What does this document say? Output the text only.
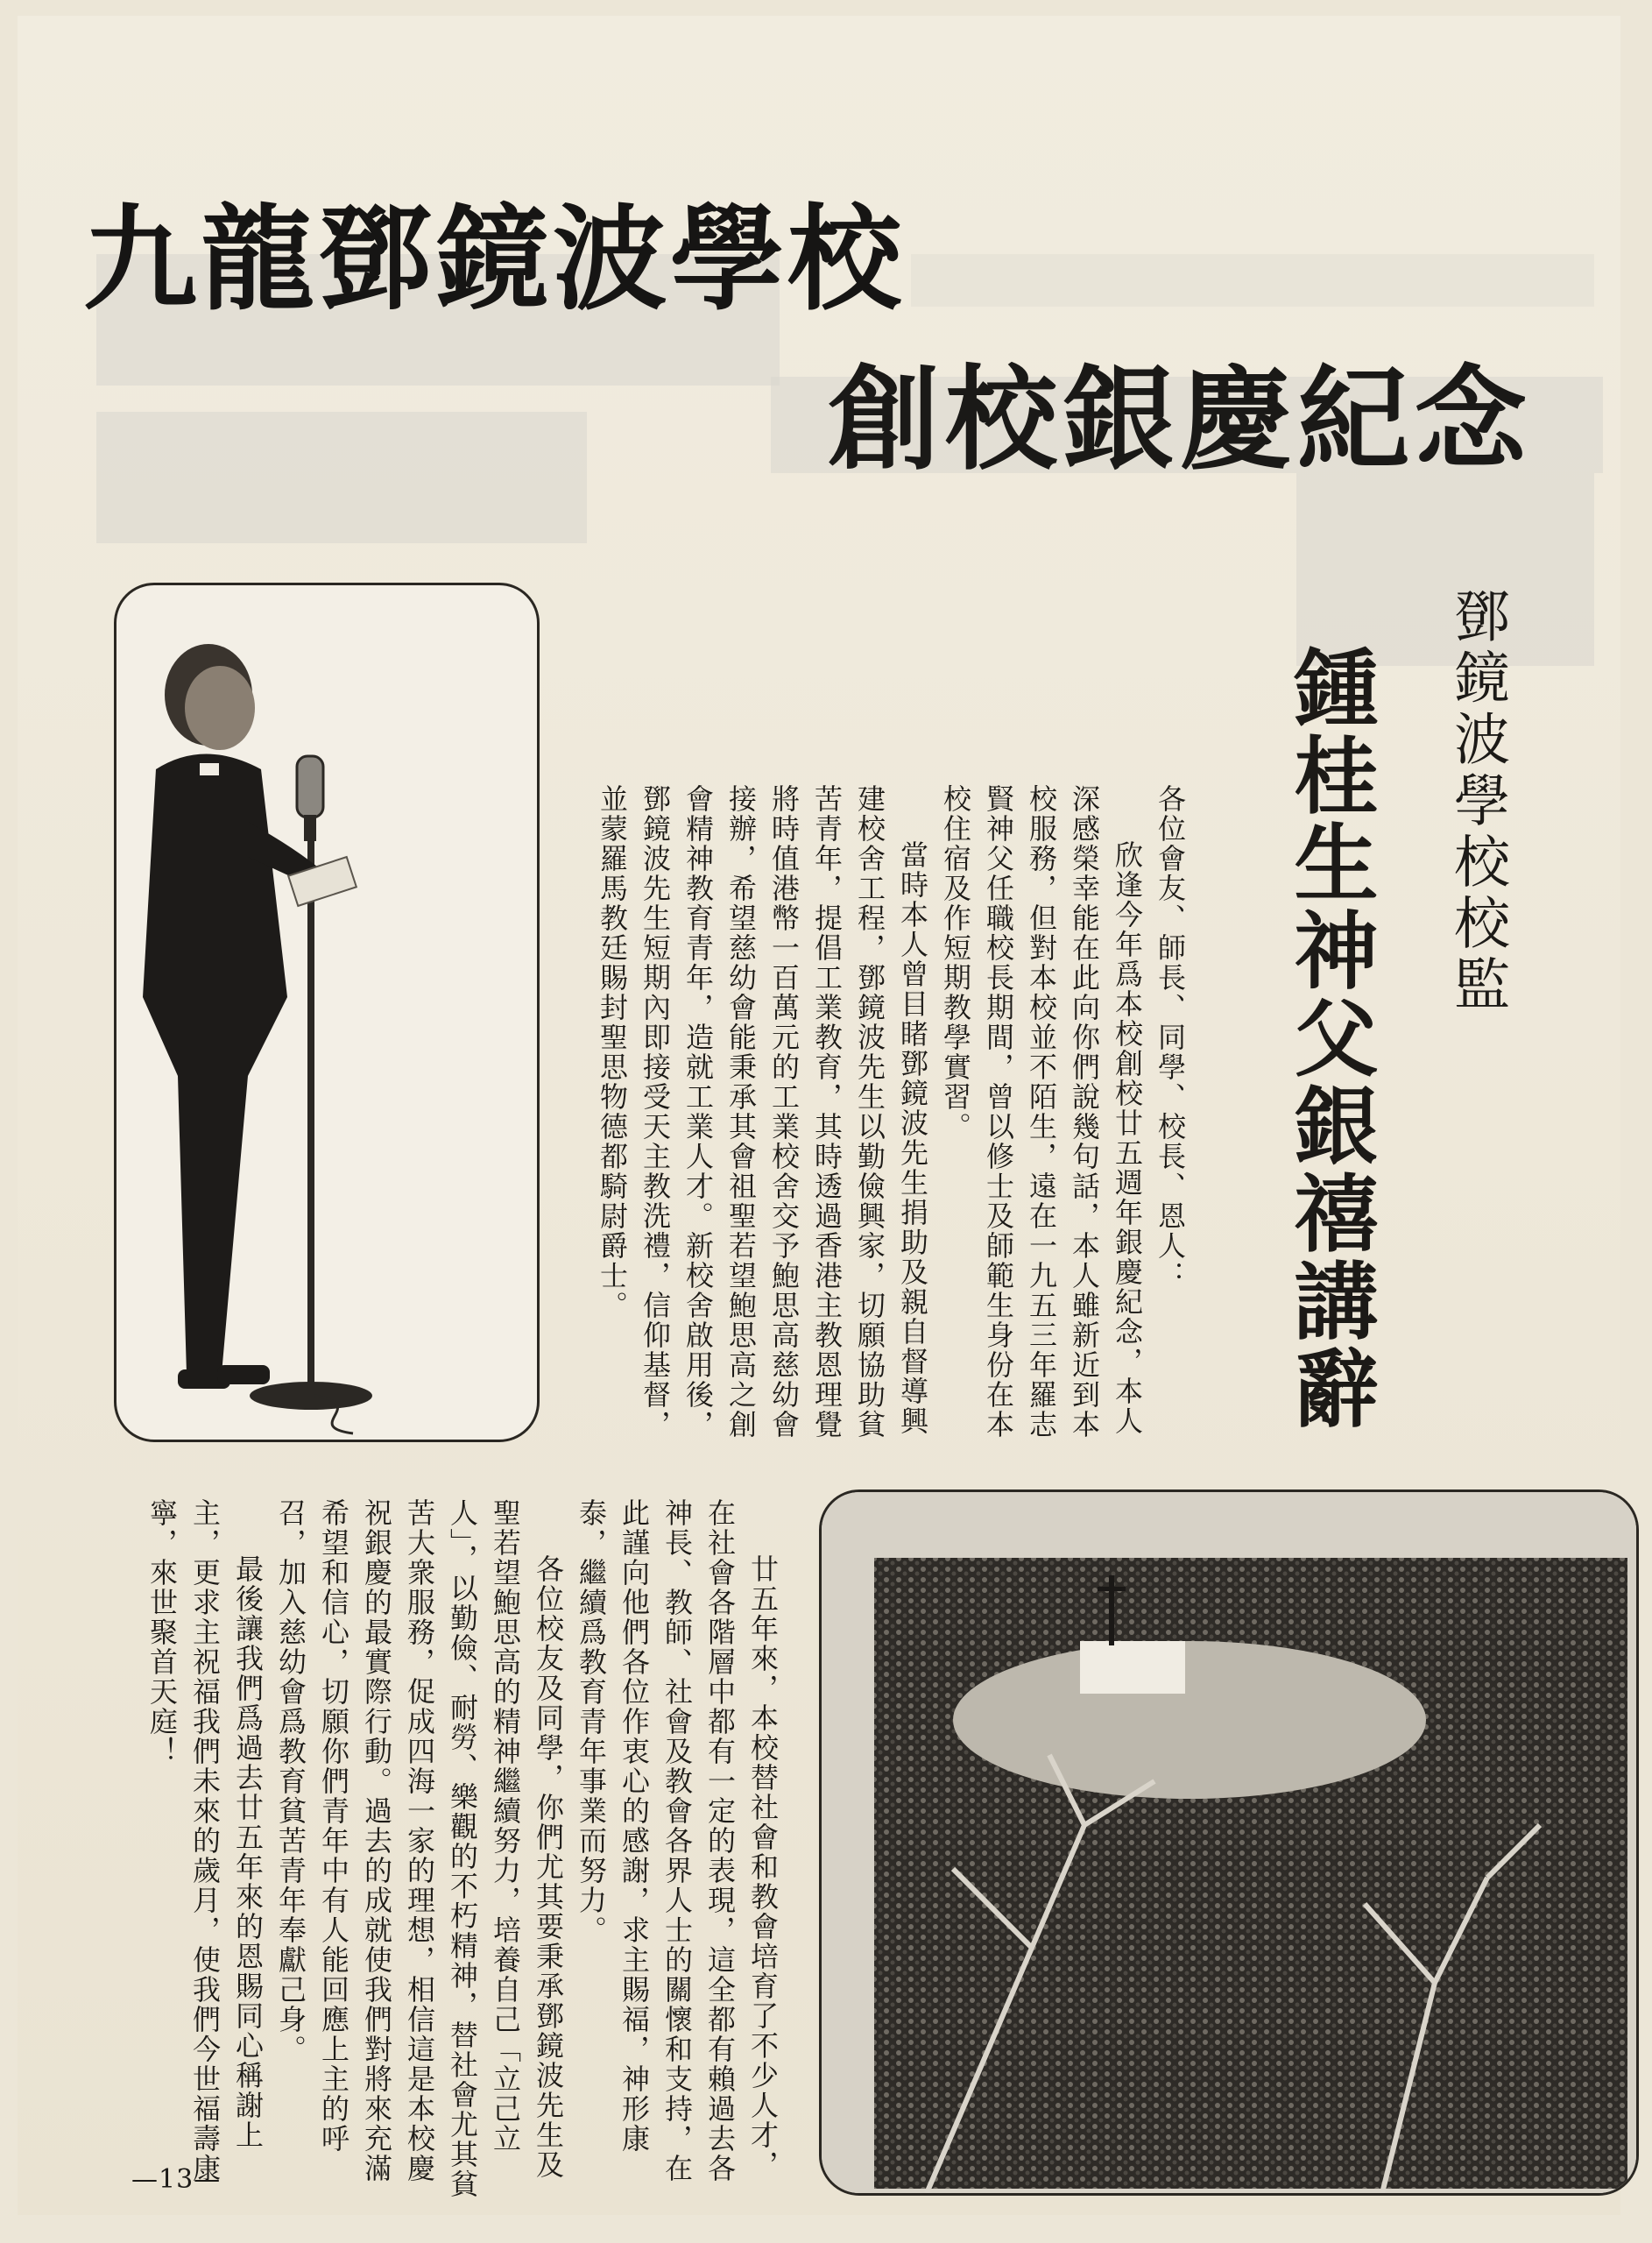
九龍鄧鏡波學校
創校銀慶紀念
鄧鏡波學校校監
鍾桂生神父銀禧講辭

各位會友、師長、同學、校長、恩人：

欣逢今年爲本校創校廿五週年銀慶紀念，本人深感榮幸能在此向你們說幾句話，本人雖新近到本校服務，但對本校並不陌生，遠在一九五三年羅志賢神父任職校長期間，曾以修士及師範生身份在本校住宿及作短期教學實習。

當時本人曾目睹鄧鏡波先生捐助及親自督導興建校舍工程，鄧鏡波先生以勤儉興家，切願協助貧苦青年，提倡工業教育，其時透過香港主教恩理覺將時值港幣一百萬元的工業校舍交予鮑思高慈幼會接辦，希望慈幼會能秉承其會祖聖若望鮑思高之創會精神教育青年，造就工業人才。新校舍啟用後，鄧鏡波先生短期內即接受天主教洗禮，信仰基督，並蒙羅馬教廷賜封聖思物德都騎尉爵士。

廿五年來，本校替社會和教會培育了不少人才，在社會各階層中都有一定的表現，這全都有賴過去各神長、教師、社會及教會各界人士的關懷和支持，在此謹向他們各位作衷心的感謝，求主賜福，神形康泰，繼續爲教育青年事業而努力。

各位校友及同學，你們尤其要秉承鄧鏡波先生及聖若望鮑思高的精神繼續努力，培養自己「立己立人」，以勤儉、耐勞、樂觀的不朽精神，替社會尤其貧苦大衆服務，促成四海一家的理想，相信這是本校慶祝銀慶的最實際行動。過去的成就使我們對將來充滿希望和信心，切願你們青年中有人能回應上主的呼召，加入慈幼會爲教育貧苦青年奉獻己身。

最後讓我們爲過去廿五年來的恩賜同心稱謝上主，更求主祝福我們未來的歲月，使我們今世福壽康寧，來世聚首天庭！

—13—
